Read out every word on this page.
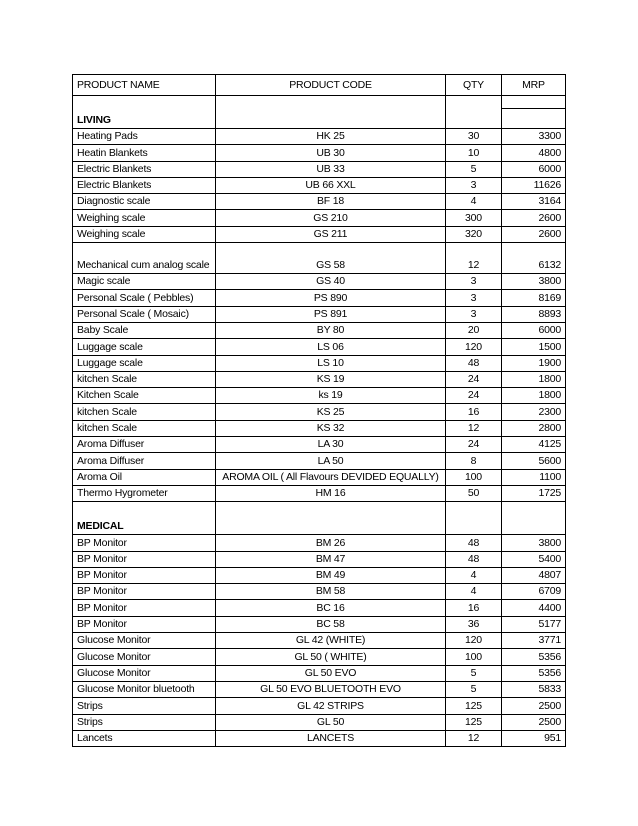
PRODUCT NAME	PRODUCT CODE	QTY	MRP
LIVING			

Heating Pads	HK 25	30	3300
Heatin Blankets	UB 30	10	4800
Electric Blankets	UB 33	5	6000
Electric Blankets	UB 66 XXL	3	11626
Diagnostic scale	BF 18	4	3164
Weighing scale	GS 210	300	2600
Weighing scale	GS 211	320	2600
Mechanical cum analog scale	GS 58	12	6132
Magic scale	GS 40	3	3800
Personal Scale ( Pebbles)	PS 890	3	8169
Personal Scale ( Mosaic)	PS 891	3	8893
Baby Scale	BY 80	20	6000
Luggage scale	LS 06	120	1500
Luggage scale	LS 10	48	1900
kitchen Scale	KS 19	24	1800
Kitchen Scale	ks 19	24	1800
kitchen Scale	KS 25	16	2300
kitchen Scale	KS 32	12	2800
Aroma Diffuser	LA 30	24	4125
Aroma Diffuser	LA 50	8	5600
Aroma Oil	AROMA OIL ( All Flavours DEVIDED EQUALLY)	100	1100
Thermo Hygrometer	HM 16	50	1725
MEDICAL			
BP Monitor	BM 26	48	3800
BP Monitor	BM 47	48	5400
BP Monitor	BM 49	4	4807
BP Monitor	BM 58	4	6709
BP Monitor	BC 16	16	4400
BP Monitor	BC 58	36	5177
Glucose Monitor	GL 42 (WHITE)	120	3771
Glucose Monitor	GL 50 ( WHITE)	100	5356
Glucose Monitor	GL 50 EVO	5	5356
Glucose Monitor bluetooth	GL 50 EVO BLUETOOTH EVO	5	5833
Strips	GL 42 STRIPS	125	2500
Strips	GL 50	125	2500
Lancets	LANCETS	12	951
